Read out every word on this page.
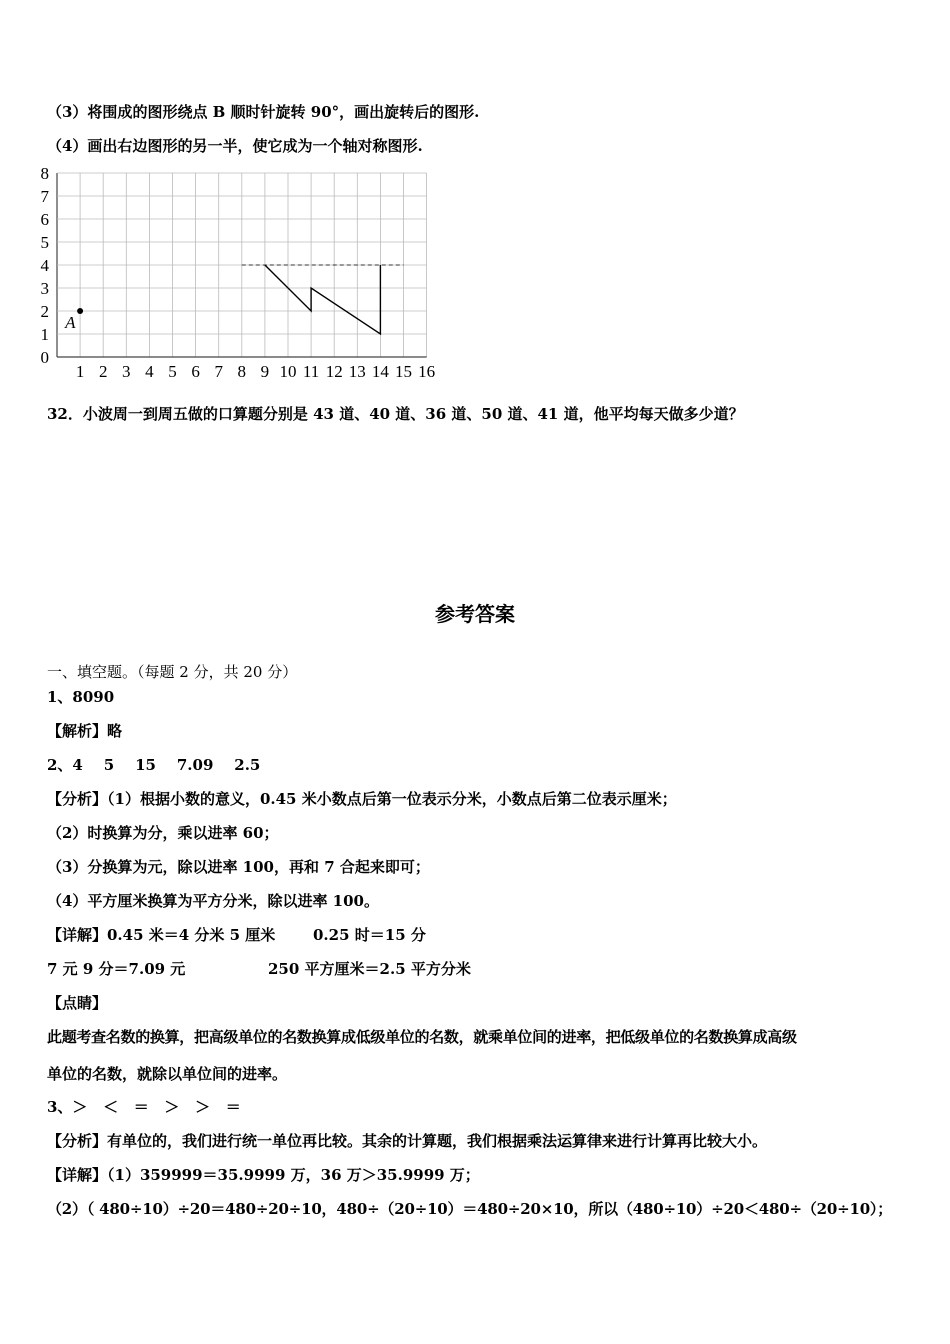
（3）将围成的图形绕点 B 顺时针旋转 90°，画出旋转后的图形.
（4）画出右边图形的另一半，使它成为一个轴对称图形.
1 2 3 4 5 6 7 8 9 10 11 12 13 14 15 16
0
1
2
3
4
5
6
7
8
A
32．小波周一到周五做的口算题分别是 43 道、40 道、36 道、50 道、41 道，他平均每天做多少道？
参考答案
一、填空题。（每题 2 分，共 20 分）
1、8090
【解析】略
2、4    5    15    7.09    2.5
【分析】（1）根据小数的意义，0.45 米小数点后第一位表示分米，小数点后第二位表示厘米；
（2）时换算为分，乘以进率 60；
（3）分换算为元，除以进率 100，再和 7 合起来即可；
（4）平方厘米换算为平方分米，除以进率 100。
【详解】0.45 米＝4 分米 5 厘米	0.25 时＝15 分
7 元 9 分＝7.09 元	250 平方厘米＝2.5 平方分米
【点睛】
此题考查名数的换算，把高级单位的名数换算成低级单位的名数，就乘单位间的进率，把低级单位的名数换算成高级
单位的名数，就除以单位间的进率。
3、＞   ＜   ＝   ＞   ＞   ＝
【分析】有单位的，我们进行统一单位再比较。其余的计算题，我们根据乘法运算律来进行计算再比较大小。
【详解】（1）359999＝35.9999 万，36 万＞35.9999 万；
（2）（ 480÷10）÷20＝480÷20÷10，480÷（20÷10）＝480÷20×10，所以（480÷10）÷20＜480÷（20÷10）；
